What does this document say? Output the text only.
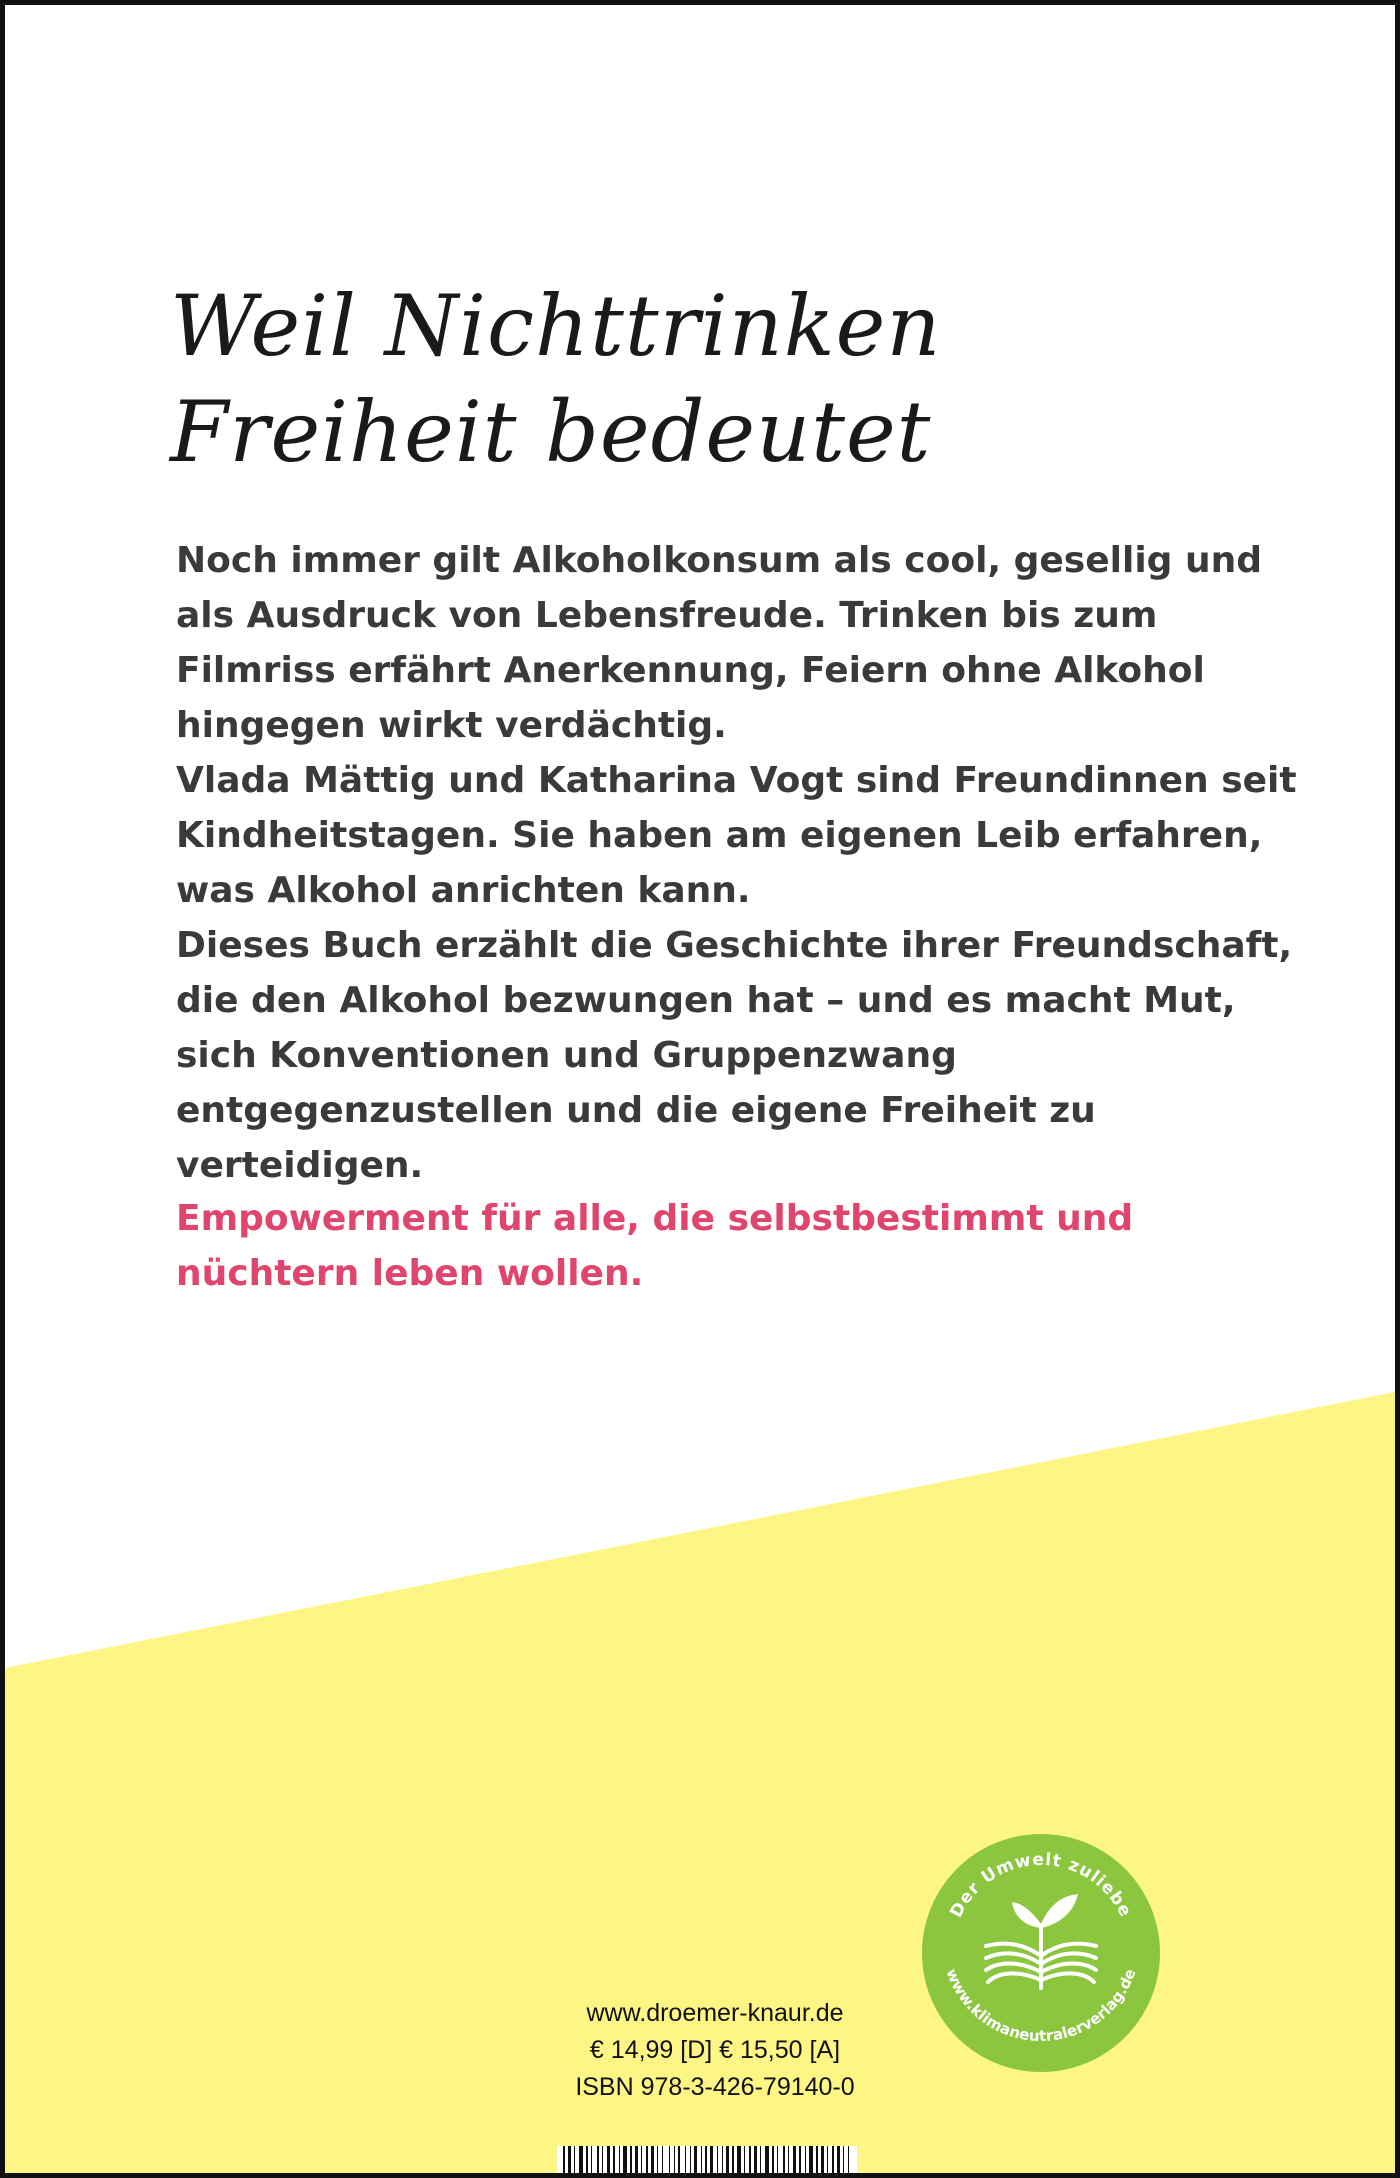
Weil Nichttrinken
Freiheit bedeutet

Noch immer gilt Alkoholkonsum als cool, gesellig und als Ausdruck von Lebensfreude. Trinken bis zum Filmriss erfährt Anerkennung, Feiern ohne Alkohol hingegen wirkt verdächtig.

Vlada Mättig und Katharina Vogt sind Freundinnen seit Kindheitstagen. Sie haben am eigenen Leib erfahren, was Alkohol anrichten kann.

Dieses Buch erzählt die Geschichte ihrer Freundschaft, die den Alkohol bezwungen hat – und es macht Mut, sich Konventionen und Gruppenzwang entgegenzustellen und die eigene Freiheit zu verteidigen.

Empowerment für alle, die selbstbestimmt und nüchtern leben wollen.

www.droemer-knaur.de
€ 14,99 [D] € 15,50 [A]
ISBN 978-3-426-79140-0
Der Umwelt zuliebe
www.klimaneutralerverlag.de
